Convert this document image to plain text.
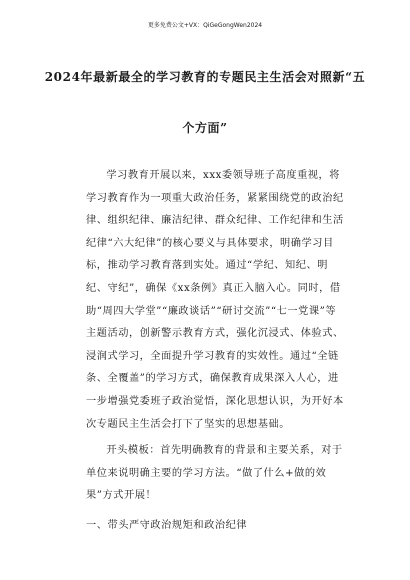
更多免费公文+VX：QiGeGongWen2024
2024年最新最全的学习教育的专题民主生活会对照新“五
个方面”

学习教育开展以来，xxx委领导班子高度重视，将学习教育作为一项重大政治任务，紧紧围绕党的政治纪律、组织纪律、廉洁纪律、群众纪律、工作纪律和生活纪律“六大纪律”的核心要义与具体要求，明确学习目标，推动学习教育落到实处。通过“学纪、知纪、明纪、守纪”，确保《xx条例》真正入脑入心。同时，借助“周四大学堂”“廉政谈话”“研讨交流”“七一党课”等主题活动，创新警示教育方式，强化沉浸式、体验式、浸润式学习，全面提升学习教育的实效性。通过“全链条、全覆盖”的学习方式，确保教育成果深入人心，进一步增强党委班子政治觉悟，深化思想认识，为开好本次专题民主生活会打下了坚实的思想基础。

开头模板：首先明确教育的背景和主要关系，对于单位来说明确主要的学习方法。“做了什么+做的效果”方式开展！

一、带头严守政治规矩和政治纪律
